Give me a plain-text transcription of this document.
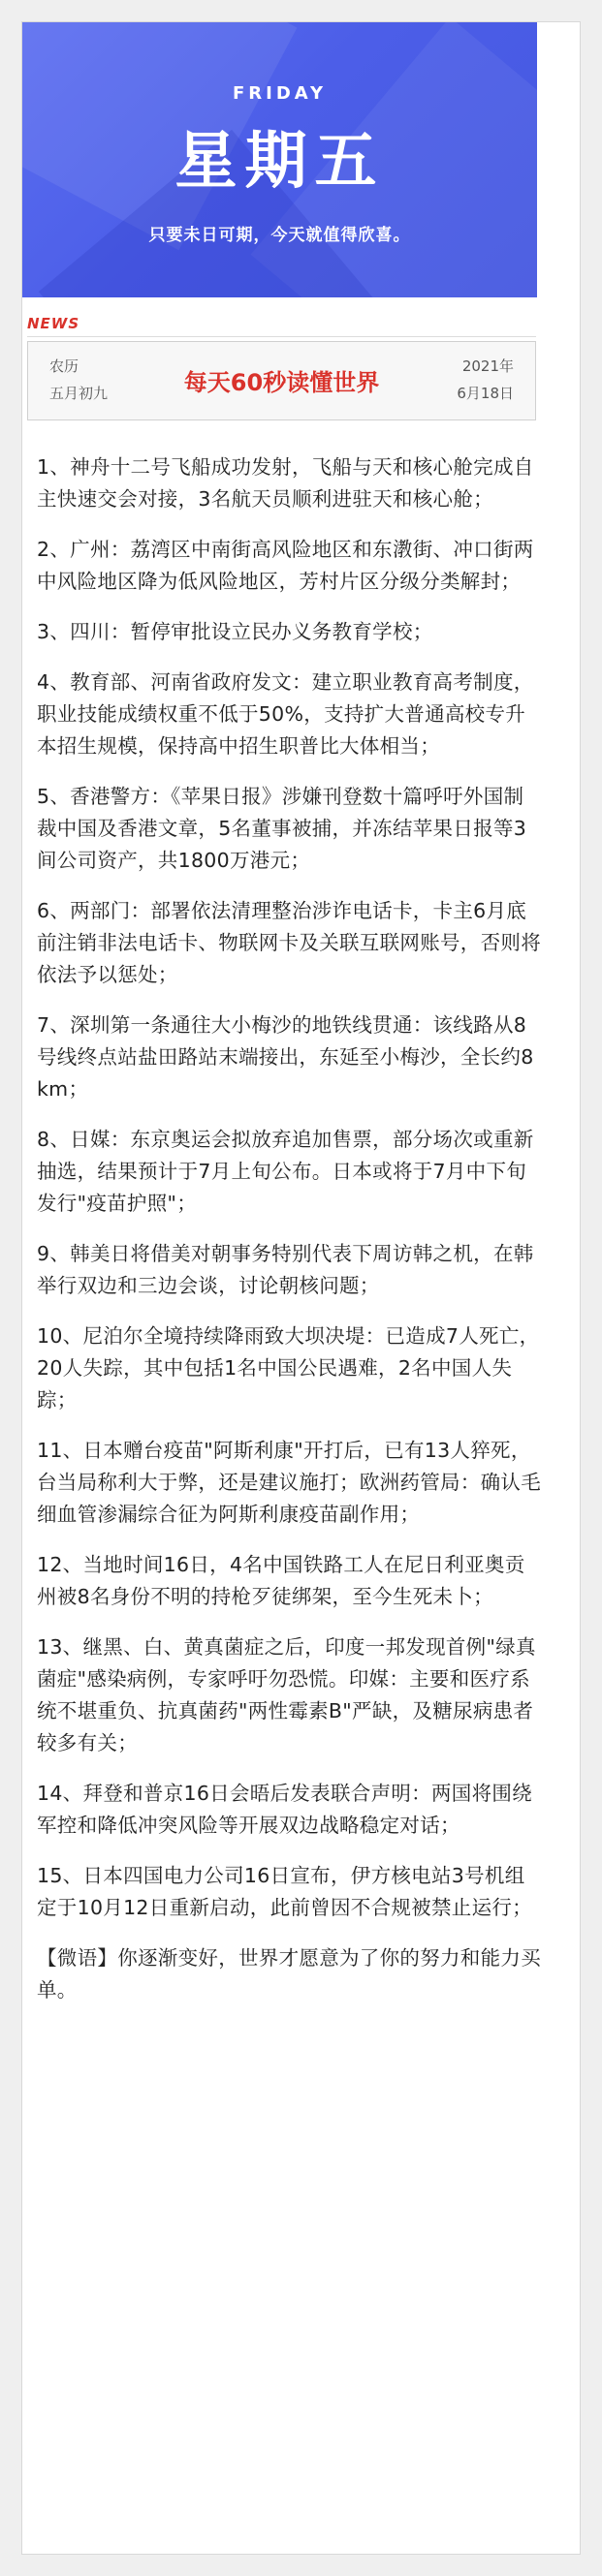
FRIDAY
星期五
只要未日可期，今天就值得欣喜。
NEWS
农历
五月初九	每天60秒读懂世界
2021年
6月18日

1、神舟十二号飞船成功发射，飞船与天和核心舱完成自主快速交会对接，3名航天员顺利进驻天和核心舱；

2、广州：荔湾区中南街高风险地区和东漖街、冲口街两中风险地区降为低风险地区，芳村片区分级分类解封；

3、四川：暂停审批设立民办义务教育学校；

4、教育部、河南省政府发文：建立职业教育高考制度，职业技能成绩权重不低于50%，支持扩大普通高校专升本招生规模，保持高中招生职普比大体相当；

5、香港警方：《苹果日报》涉嫌刊登数十篇呼吁外国制裁中国及香港文章，5名董事被捕，并冻结苹果日报等3间公司资产，共1800万港元；

6、两部门：部署依法清理整治涉诈电话卡，卡主6月底前注销非法电话卡、物联网卡及关联互联网账号，否则将依法予以惩处；

7、深圳第一条通往大小梅沙的地铁线贯通：该线路从8号线终点站盐田路站末端接出，东延至小梅沙，全长约8km；

8、日媒：东京奥运会拟放弃追加售票，部分场次或重新抽选，结果预计于7月上旬公布。日本或将于7月中下旬发行"疫苗护照"；

9、韩美日将借美对朝事务特别代表下周访韩之机，在韩举行双边和三边会谈，讨论朝核问题；

10、尼泊尔全境持续降雨致大坝决堤：已造成7人死亡，20人失踪，其中包括1名中国公民遇难，2名中国人失踪；

11、日本赠台疫苗"阿斯利康"开打后，已有13人猝死，台当局称利大于弊，还是建议施打；欧洲药管局：确认毛细血管渗漏综合征为阿斯利康疫苗副作用；

12、当地时间16日，4名中国铁路工人在尼日利亚奥贡州被8名身份不明的持枪歹徒绑架，至今生死未卜；

13、继黑、白、黄真菌症之后，印度一邦发现首例"绿真菌症"感染病例，专家呼吁勿恐慌。印媒：主要和医疗系统不堪重负、抗真菌药"两性霉素B"严缺，及糖尿病患者较多有关；

14、拜登和普京16日会晤后发表联合声明：两国将围绕军控和降低冲突风险等开展双边战略稳定对话；

15、日本四国电力公司16日宣布，伊方核电站3号机组定于10月12日重新启动，此前曾因不合规被禁止运行；

【微语】你逐渐变好，世界才愿意为了你的努力和能力买单。
